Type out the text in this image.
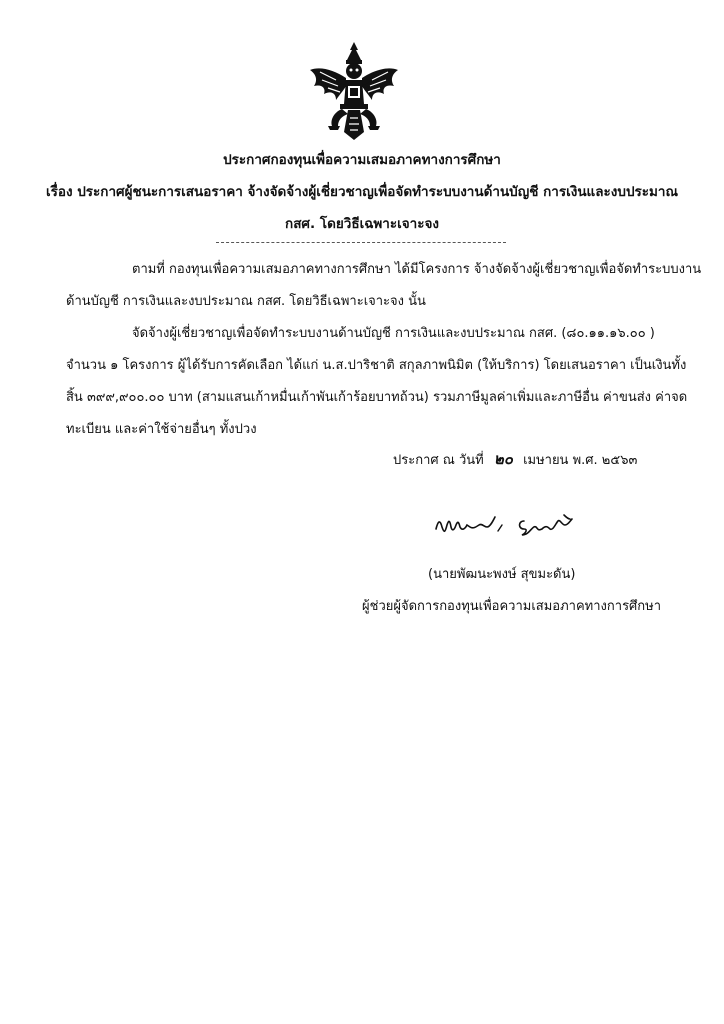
ประกาศกองทุนเพื่อความเสมอภาคทางการศึกษา
เรื่อง ประกาศผู้ชนะการเสนอราคา จ้างจัดจ้างผู้เชี่ยวชาญเพื่อจัดทำระบบงานด้านบัญชี การเงินและงบประมาณ
กสศ. โดยวิธีเฉพาะเจาะจง
ตามที่ กองทุนเพื่อความเสมอภาคทางการศึกษา ได้มีโครงการ จ้างจัดจ้างผู้เชี่ยวชาญเพื่อจัดทำระบบงาน
ด้านบัญชี การเงินและงบประมาณ กสศ. โดยวิธีเฉพาะเจาะจง นั้น
จัดจ้างผู้เชี่ยวชาญเพื่อจัดทำระบบงานด้านบัญชี การเงินและงบประมาณ กสศ. (๘๐.๑๑.๑๖.๐๐ )
จำนวน ๑ โครงการ ผู้ได้รับการคัดเลือก ได้แก่ น.ส.ปาริชาติ สกุลภาพนิมิต (ให้บริการ) โดยเสนอราคา เป็นเงินทั้ง
สิ้น ๓๙๙,๙๐๐.๐๐ บาท (สามแสนเก้าหมื่นเก้าพันเก้าร้อยบาทถ้วน) รวมภาษีมูลค่าเพิ่มและภาษีอื่น ค่าขนส่ง ค่าจด
ทะเบียน และค่าใช้จ่ายอื่นๆ ทั้งปวง
ประกาศ ณ วันที่ ๒๐ เมษายน พ.ศ. ๒๕๖๓
(นายพัฒนะพงษ์ สุขมะดัน)
ผู้ช่วยผู้จัดการกองทุนเพื่อความเสมอภาคทางการศึกษา
